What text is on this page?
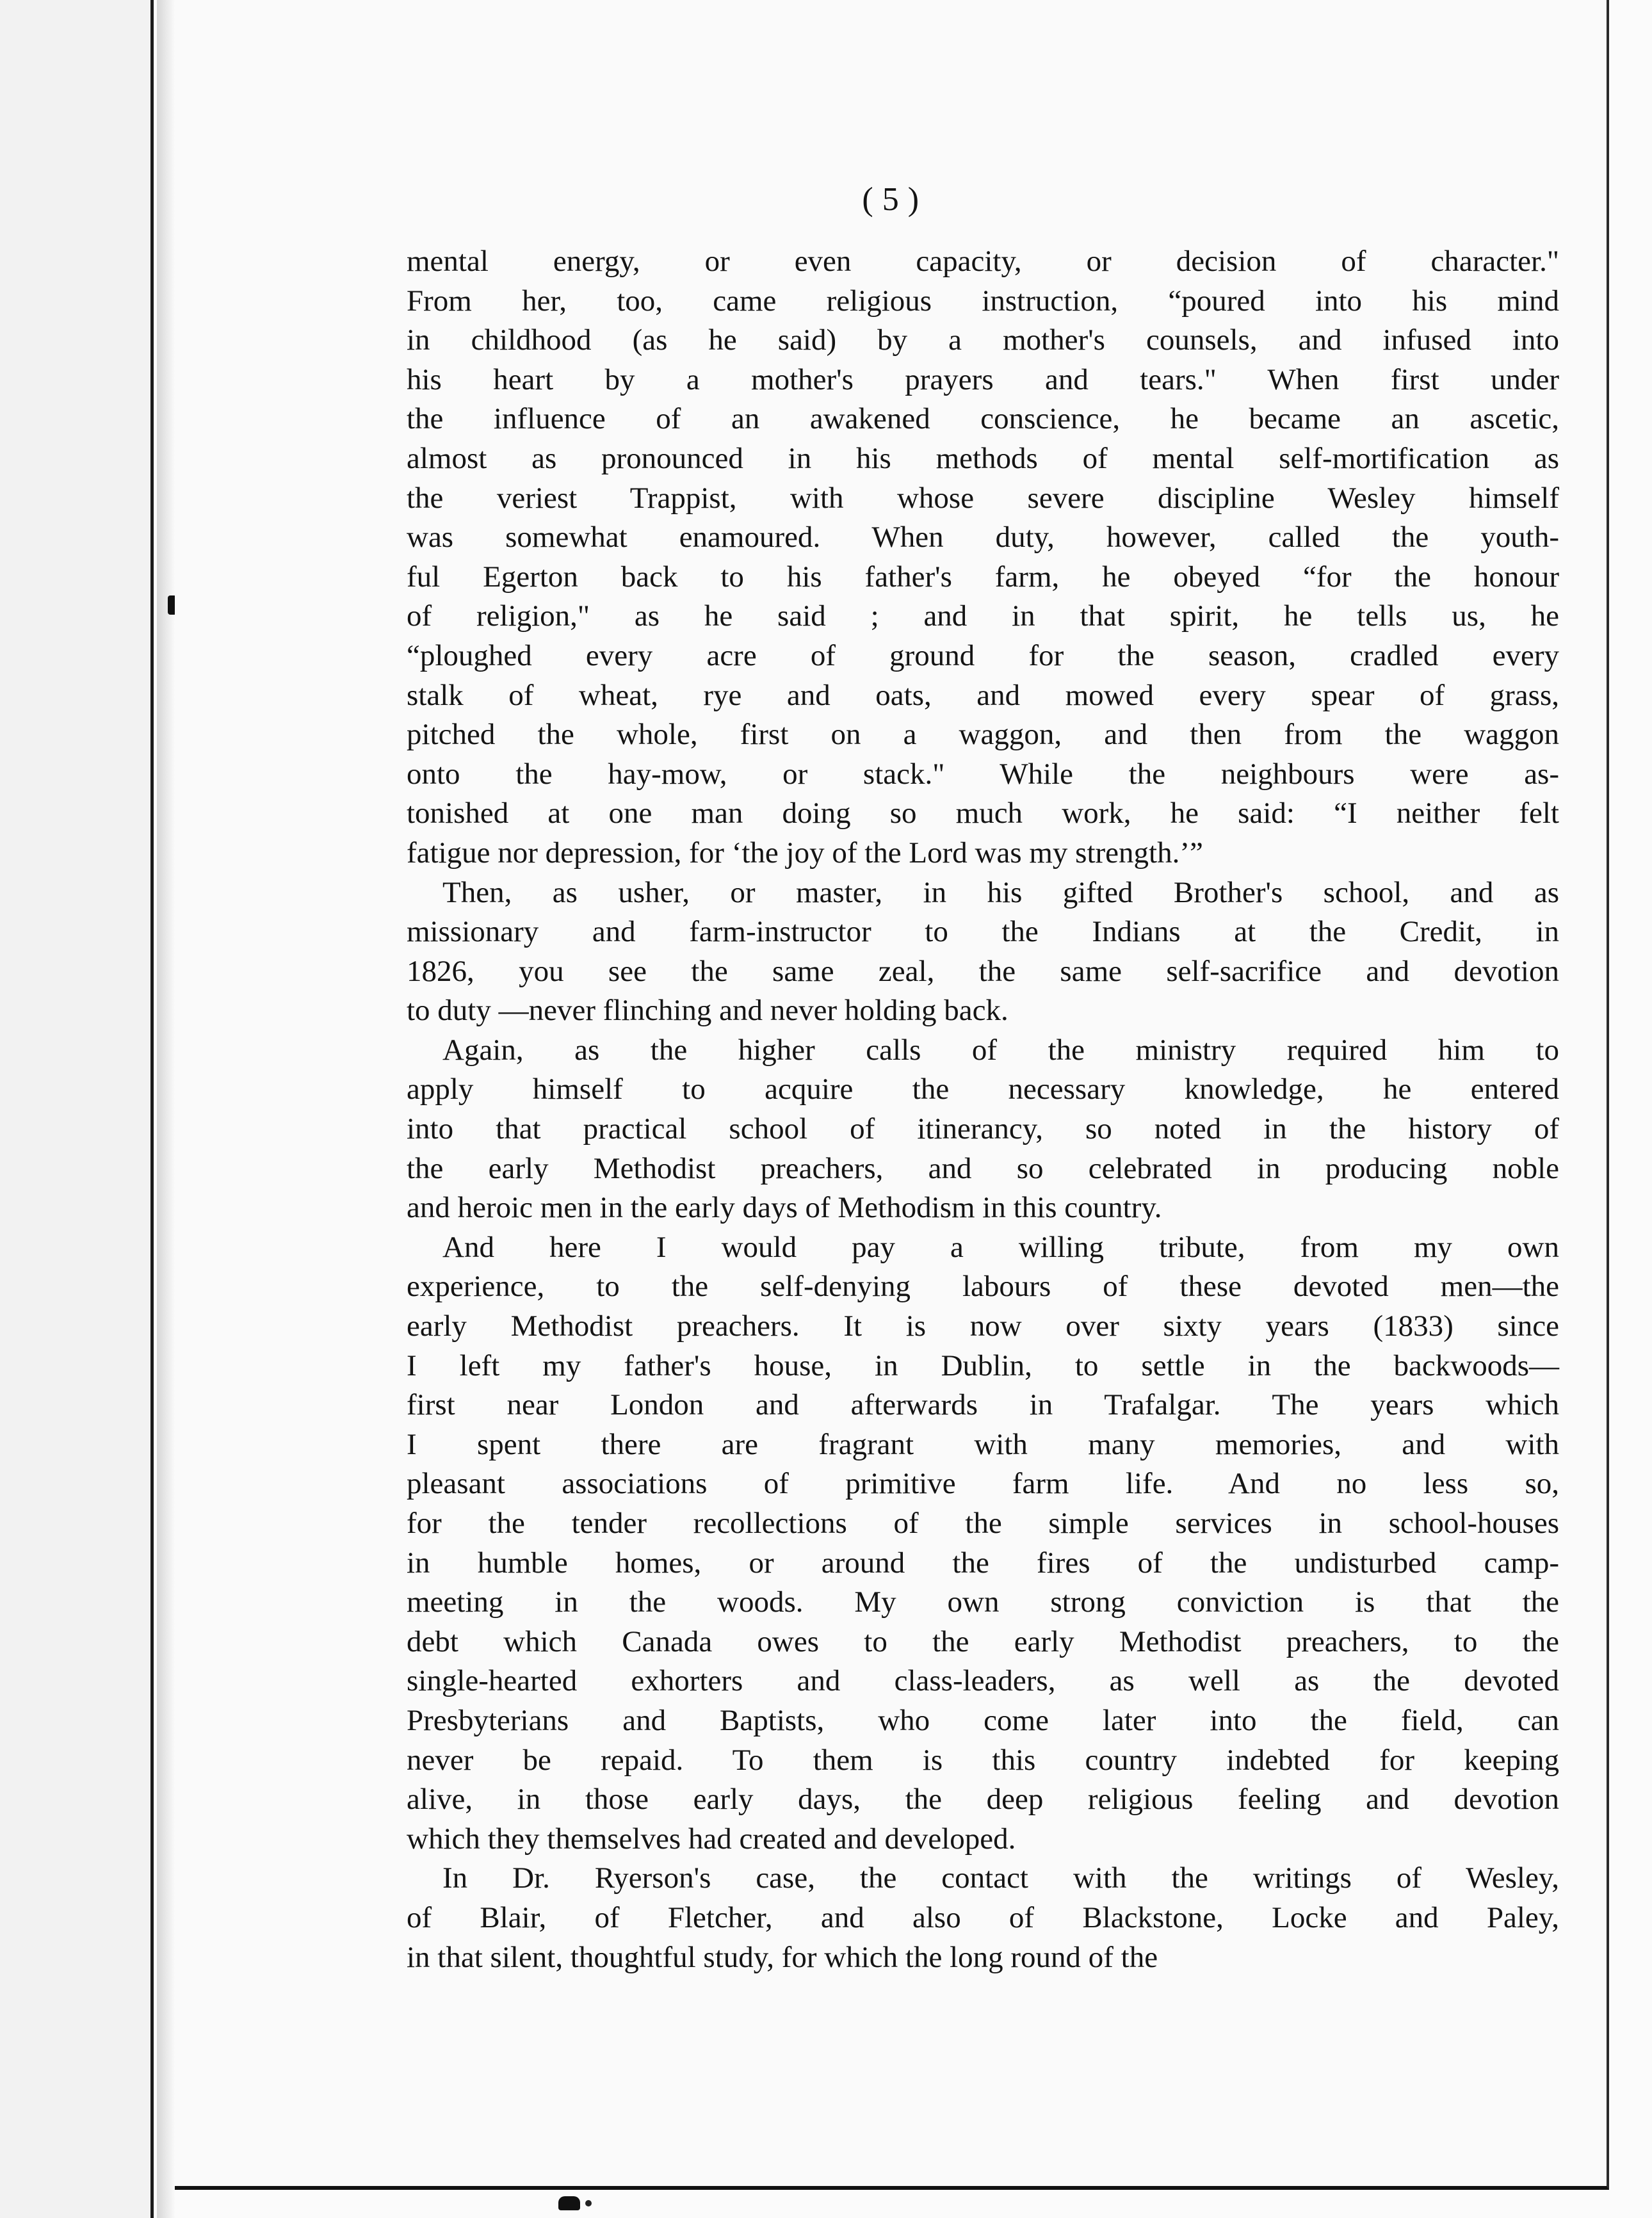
( 5 )
mental energy, or even capacity, or decision of character."
From her, too, came religious instruction, “poured into his mind
in childhood (as he said) by a mother's counsels, and infused into
his heart by a mother's prayers and tears." When first under
the influence of an awakened conscience, he became an ascetic,
almost as pronounced in his methods of mental self-mortification as
the veriest Trappist, with whose severe discipline Wesley himself
was somewhat enamoured. When duty, however, called the youth-
ful Egerton back to his father's farm, he obeyed “for the honour
of religion," as he said ; and in that spirit, he tells us, he
“ploughed every acre of ground for the season, cradled every
stalk of wheat, rye and oats, and mowed every spear of grass,
pitched the whole, first on a waggon, and then from the waggon
onto the hay-mow, or stack." While the neighbours were as-
tonished at one man doing so much work, he said: “I neither felt
fatigue nor depression, for ‘the joy of the Lord was my strength.’”
Then, as usher, or master, in his gifted Brother's school, and as
missionary and farm-instructor to the Indians at the Credit, in
1826, you see the same zeal, the same self-sacrifice and devotion
to duty —never flinching and never holding back.
Again, as the higher calls of the ministry required him to
apply himself to acquire the necessary knowledge, he entered
into that practical school of itinerancy, so noted in the history of
the early Methodist preachers, and so celebrated in producing noble
and heroic men in the early days of Methodism in this country.
And here I would pay a willing tribute, from my own
experience, to the self-denying labours of these devoted men—the
early Methodist preachers. It is now over sixty years (1833) since
I left my father's house, in Dublin, to settle in the backwoods—
first near London and afterwards in Trafalgar. The years which
I spent there are fragrant with many memories, and with
pleasant associations of primitive farm life. And no less so,
for the tender recollections of the simple services in school-houses
in humble homes, or around the fires of the undisturbed camp-
meeting in the woods. My own strong conviction is that the
debt which Canada owes to the early Methodist preachers, to the
single-hearted exhorters and class-leaders, as well as the devoted
Presbyterians and Baptists, who come later into the field, can
never be repaid. To them is this country indebted for keeping
alive, in those early days, the deep religious feeling and devotion
which they themselves had created and developed.
In Dr. Ryerson's case, the contact with the writings of Wesley,
of Blair, of Fletcher, and also of Blackstone, Locke and Paley,
in that silent, thoughtful study, for which the long round of the
